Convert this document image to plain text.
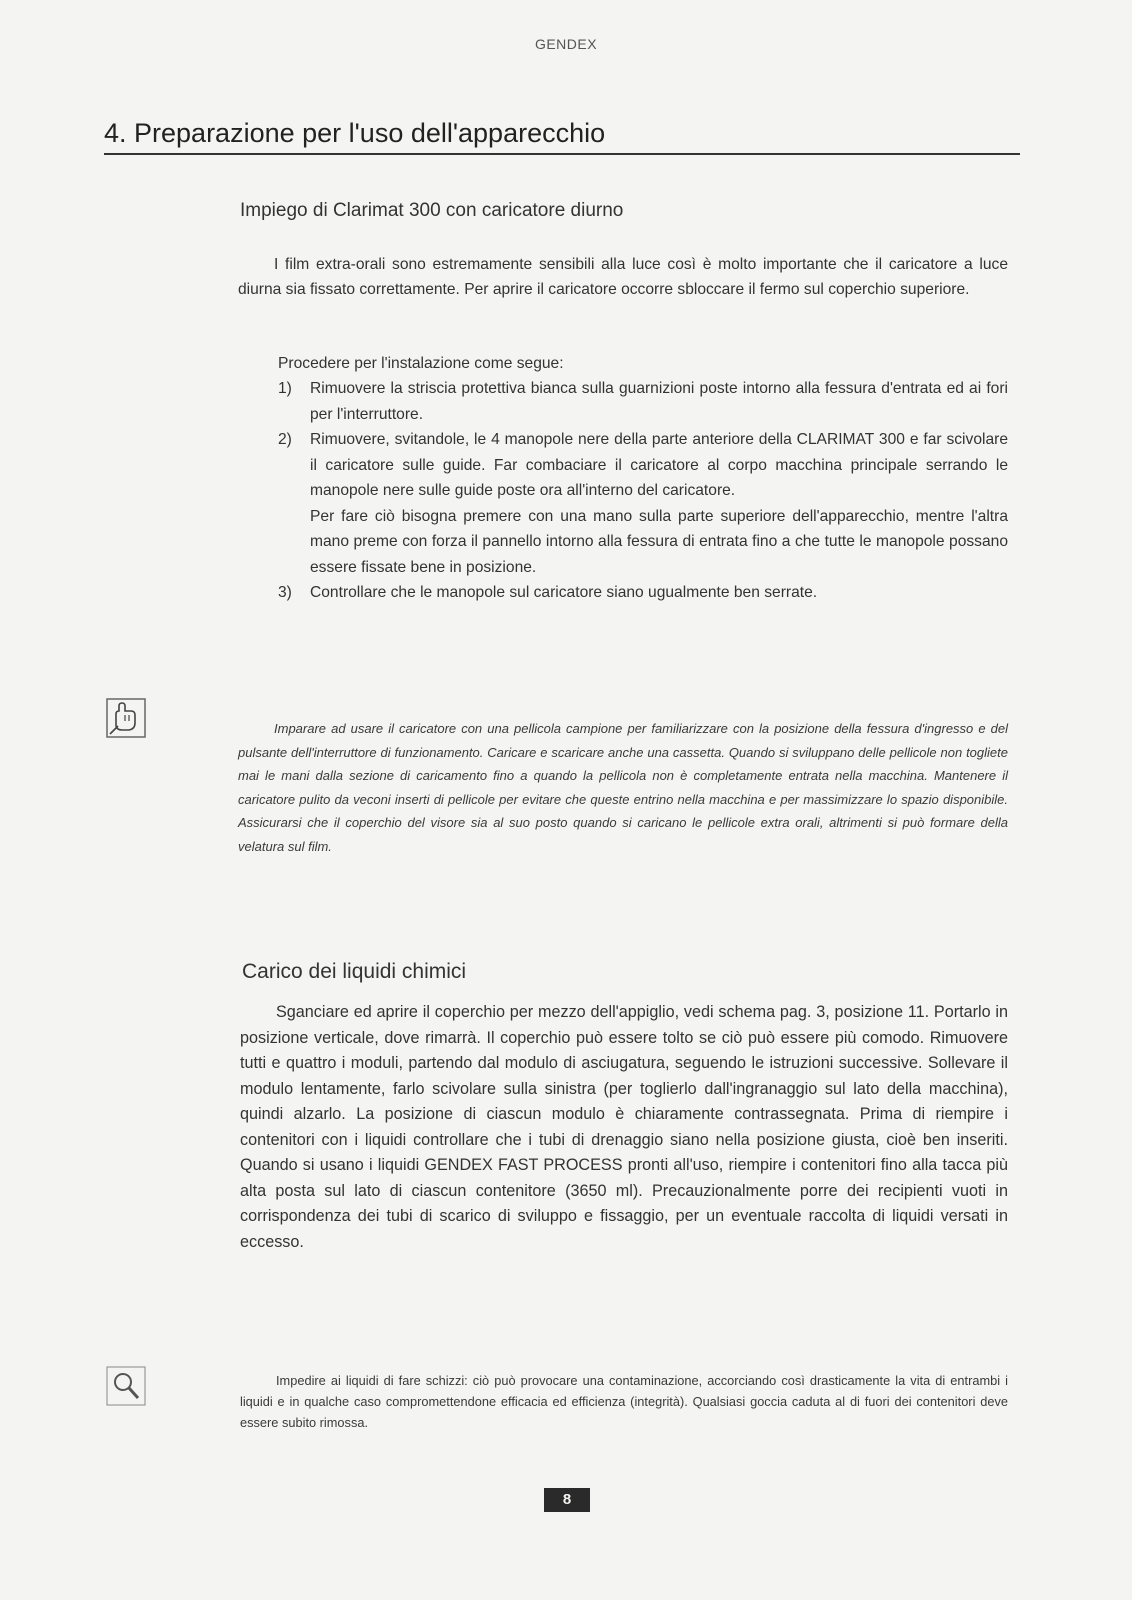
GENDEX
4. Preparazione per l'uso dell'apparecchio
Impiego di Clarimat 300 con caricatore diurno

I film extra-orali sono estremamente sensibili alla luce così è molto importante che il caricatore a luce diurna sia fissato correttamente. Per aprire il caricatore occorre sbloccare il fermo sul coperchio superiore.

Procedere per l'instalazione come segue:

1)	Rimuovere la striscia protettiva bianca sulla guarnizioni poste intorno alla fessura d'entrata ed ai fori per l'interruttore.

2)	Rimuovere, svitandole, le 4 manopole nere della parte anteriore della CLARIMAT 300 e far scivolare il caricatore sulle guide. Far combaciare il caricatore al corpo macchina principale serrando le manopole nere sulle guide poste ora all'interno del caricatore.

Per fare ciò bisogna premere con una mano sulla parte superiore dell'apparecchio, mentre l'altra mano preme con forza il pannello intorno alla fessura di entrata fino a che tutte le manopole possano essere fissate bene in posizione.

3)	Controllare che le manopole sul caricatore siano ugualmente ben serrate.

Imparare ad usare il caricatore con una pellicola campione per familiarizzare con la posizione della fessura d'ingresso e del pulsante dell'interruttore di funzionamento. Caricare e scaricare anche una cassetta. Quando si sviluppano delle pellicole non togliete mai le mani dalla sezione di caricamento fino a quando la pellicola non è completamente entrata nella macchina. Mantenere il caricatore pulito da veconi inserti di pellicole per evitare che queste entrino nella macchina e per massimizzare lo spazio disponibile. Assicurarsi che il coperchio del visore sia al suo posto quando si caricano le pellicole extra orali, altrimenti si può formare della velatura sul film.

Carico dei liquidi chimici

Sganciare ed aprire il coperchio per mezzo dell'appiglio, vedi schema pag. 3, posizione 11. Portarlo in posizione verticale, dove rimarrà. Il coperchio può essere tolto se ciò può essere più comodo. Rimuovere tutti e quattro i moduli, partendo dal modulo di asciugatura, seguendo le istruzioni successive. Sollevare il modulo lentamente, farlo scivolare sulla sinistra (per toglierlo dall'ingranaggio sul lato della macchina), quindi alzarlo. La posizione di ciascun modulo è chiaramente contrassegnata. Prima di riempire i contenitori con i liquidi controllare che i tubi di drenaggio siano nella posizione giusta, cioè ben inseriti. Quando si usano i liquidi GENDEX FAST PROCESS pronti all'uso, riempire i contenitori fino alla tacca più alta posta sul lato di ciascun contenitore (3650 ml). Precauzionalmente porre dei recipienti vuoti in corrispondenza dei tubi di scarico di sviluppo e fissaggio, per un eventuale raccolta di liquidi versati in eccesso.

Impedire ai liquidi di fare schizzi: ciò può provocare una contaminazione, accorciando così drasticamente la vita di entrambi i liquidi e in qualche caso compromettendone efficacia ed efficienza (integrità). Qualsiasi goccia caduta al di fuori dei contenitori deve essere subito rimossa.

8
